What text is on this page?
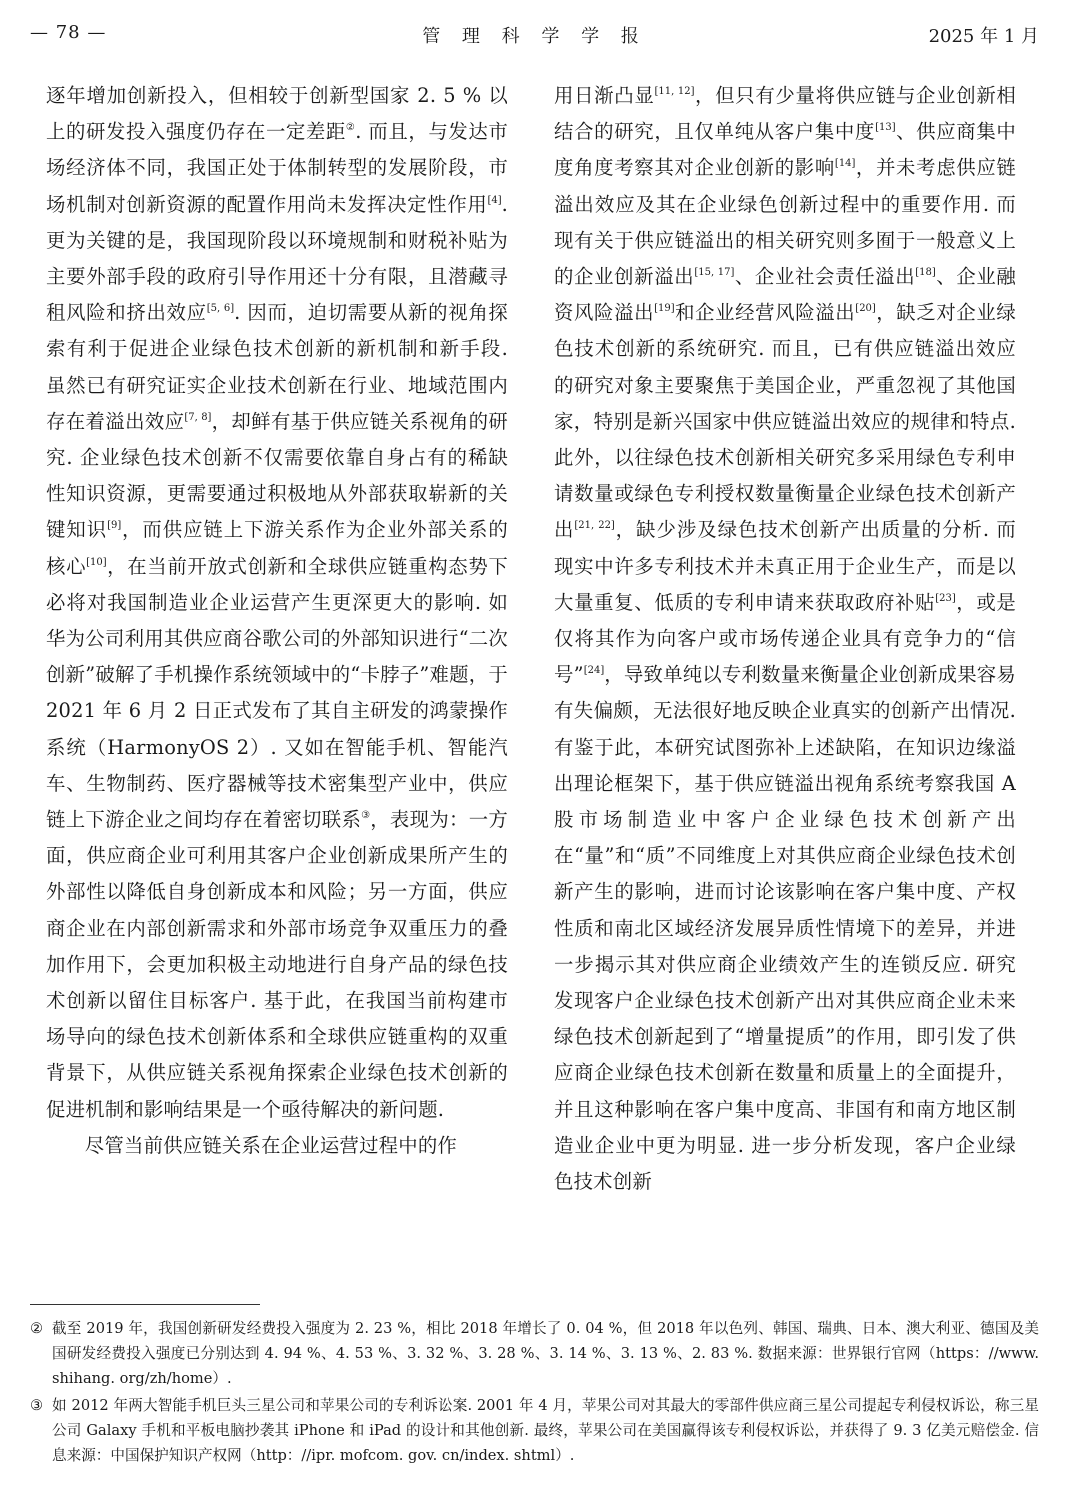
— 78 —	管 理 科 学 学 报	2025 年 1 月

逐年增加创新投入，但相较于创新型国家 2. 5 % 以上的研发投入强度仍存在一定差距②. 而且，与发达市场经济体不同，我国正处于体制转型的发展阶段，市场机制对创新资源的配置作用尚未发挥决定性作用[4]. 更为关键的是，我国现阶段以环境规制和财税补贴为主要外部手段的政府引导作用还十分有限，且潜藏寻租风险和挤出效应[5, 6]. 因而，迫切需要从新的视角探索有利于促进企业绿色技术创新的新机制和新手段. 虽然已有研究证实企业技术创新在行业、地域范围内存在着溢出效应[7, 8]，却鲜有基于供应链关系视角的研究. 企业绿色技术创新不仅需要依靠自身占有的稀缺性知识资源，更需要通过积极地从外部获取崭新的关键知识[9]，而供应链上下游关系作为企业外部关系的核心[10]，在当前开放式创新和全球供应链重构态势下必将对我国制造业企业运营产生更深更大的影响. 如华为公司利用其供应商谷歌公司的外部知识进行“二次创新”破解了手机操作系统领域中的“卡脖子”难题，于 2021 年 6 月 2 日正式发布了其自主研发的鸿蒙操作系统（HarmonyOS 2）. 又如在智能手机、智能汽车、生物制药、医疗器械等技术密集型产业中，供应链上下游企业之间均存在着密切联系③，表现为：一方面，供应商企业可利用其客户企业创新成果所产生的外部性以降低自身创新成本和风险；另一方面，供应商企业在内部创新需求和外部市场竞争双重压力的叠加作用下，会更加积极主动地进行自身产品的绿色技术创新以留住目标客户. 基于此，在我国当前构建市场导向的绿色技术创新体系和全球供应链重构的双重背景下，从供应链关系视角探索企业绿色技术创新的促进机制和影响结果是一个亟待解决的新问题.

尽管当前供应链关系在企业运营过程中的作

用日渐凸显[11, 12]，但只有少量将供应链与企业创新相结合的研究，且仅单纯从客户集中度[13]、供应商集中度角度考察其对企业创新的影响[14]，并未考虑供应链溢出效应及其在企业绿色创新过程中的重要作用. 而现有关于供应链溢出的相关研究则多囿于一般意义上的企业创新溢出[15, 17]、企业社会责任溢出[18]、企业融资风险溢出[19]和企业经营风险溢出[20]，缺乏对企业绿色技术创新的系统研究. 而且，已有供应链溢出效应的研究对象主要聚焦于美国企业，严重忽视了其他国家，特别是新兴国家中供应链溢出效应的规律和特点. 此外，以往绿色技术创新相关研究多采用绿色专利申请数量或绿色专利授权数量衡量企业绿色技术创新产出[21, 22]，缺少涉及绿色技术创新产出质量的分析. 而现实中许多专利技术并未真正用于企业生产，而是以大量重复、低质的专利申请来获取政府补贴[23]，或是仅将其作为向客户或市场传递企业具有竞争力的“信号”[24]，导致单纯以专利数量来衡量企业创新成果容易有失偏颇，无法很好地反映企业真实的创新产出情况. 有鉴于此，本研究试图弥补上述缺陷，在知识边缘溢出理论框架下，基于供应链溢出视角系统考察我国 A 股市场制造业中客户企业绿色技术创新产出在“量”和“质”不同维度上对其供应商企业绿色技术创新产生的影响，进而讨论该影响在客户集中度、产权性质和南北区域经济发展异质性情境下的差异，并进一步揭示其对供应商企业绩效产生的连锁反应. 研究发现客户企业绿色技术创新产出对其供应商企业未来绿色技术创新起到了“增量提质”的作用，即引发了供应商企业绿色技术创新在数量和质量上的全面提升，并且这种影响在客户集中度高、非国有和南方地区制造业企业中更为明显. 进一步分析发现，客户企业绿色技术创新

② 截至 2019 年，我国创新研发经费投入强度为 2. 23 %，相比 2018 年增长了 0. 04 %，但 2018 年以色列、韩国、瑞典、日本、澳大利亚、德国及美国研发经费投入强度已分别达到 4. 94 %、4. 53 %、3. 32 %、3. 28 %、3. 14 %、3. 13 %、2. 83 %. 数据来源：世界银行官网（https：//www. shihang. org/zh/home）.
③ 如 2012 年两大智能手机巨头三星公司和苹果公司的专利诉讼案. 2001 年 4 月，苹果公司对其最大的零部件供应商三星公司提起专利侵权诉讼，称三星公司 Galaxy 手机和平板电脑抄袭其 iPhone 和 iPad 的设计和其他创新. 最终，苹果公司在美国赢得该专利侵权诉讼，并获得了 9. 3 亿美元赔偿金. 信息来源：中国保护知识产权网（http：//ipr. mofcom. gov. cn/index. shtml）.
